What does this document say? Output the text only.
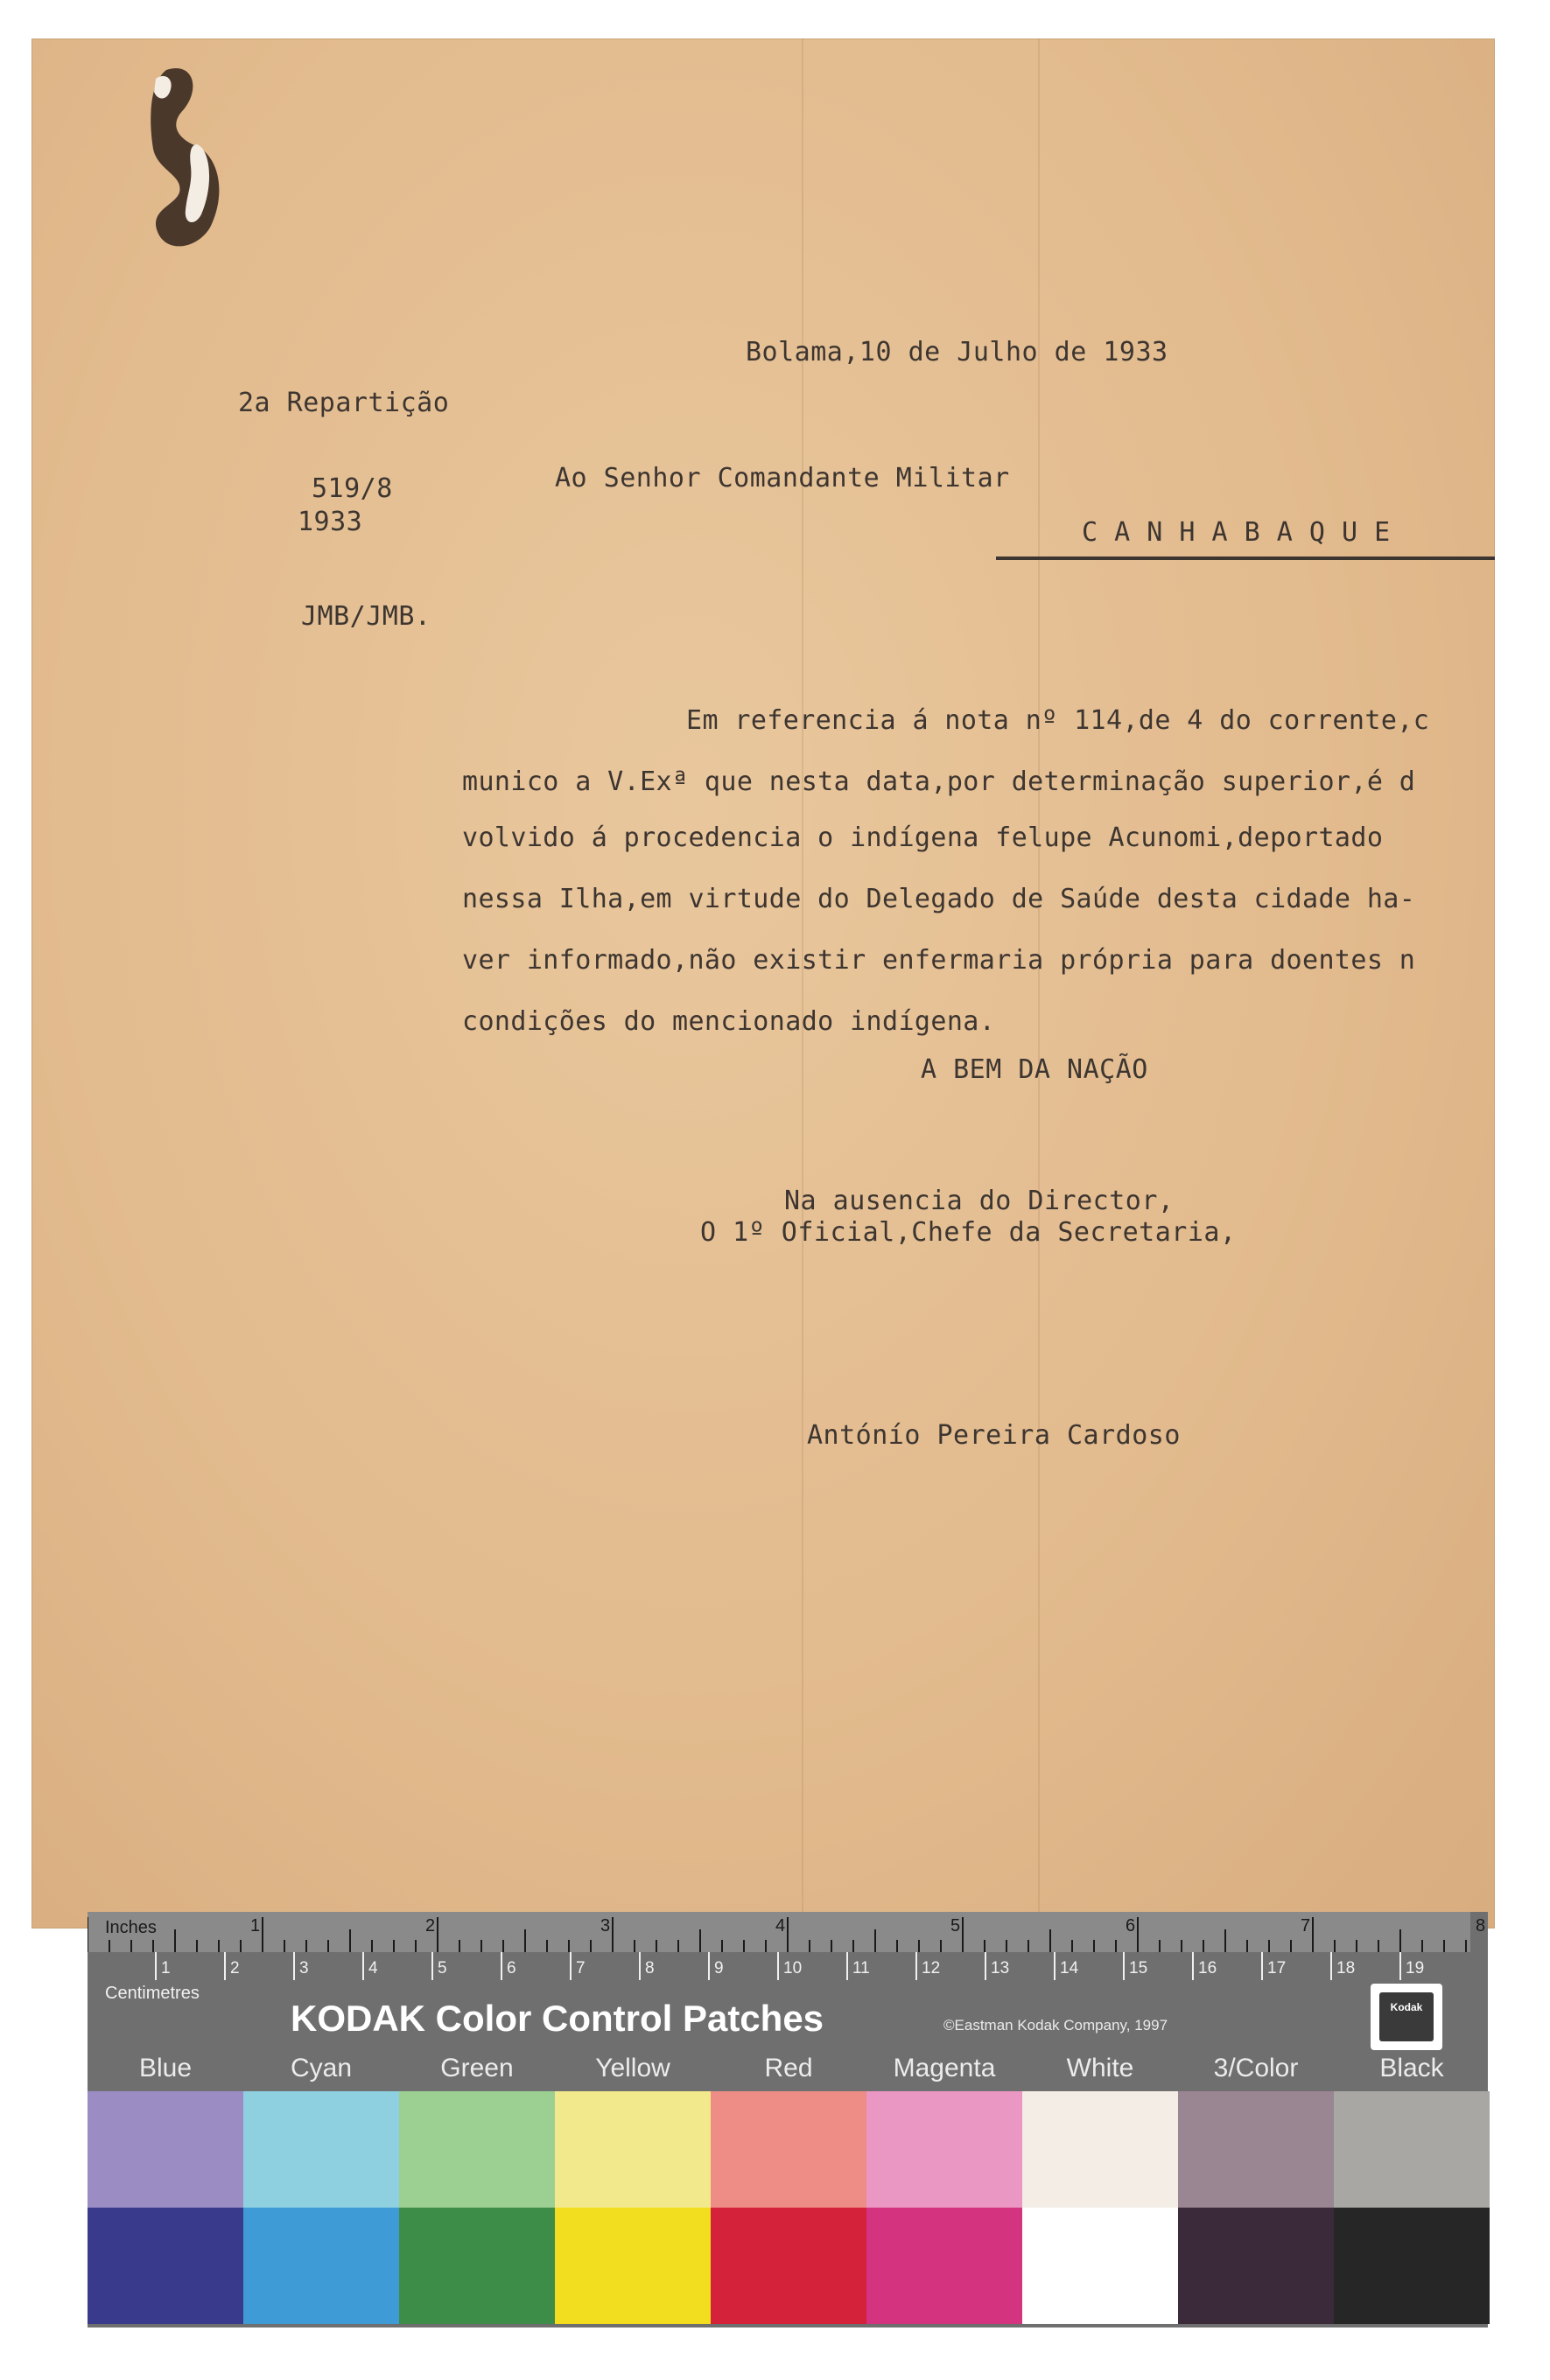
Bolama,10 de Julho de 1933
2a Repartição
519/8
1933
Ao Senhor Comandante Militar
C A N H A B A Q U E
JMB/JMB.
Em referencia á nota nº 114,de 4 do corrente,c
munico a V.Exª que nesta data,por determinação superior,é d
volvido á procedencia o indígena felupe Acunomi,deportado
nessa Ilha,em virtude do Delegado de Saúde desta cidade ha-
ver informado,não existir enfermaria própria para doentes n
condições do mencionado indígena.
A BEM DA NAÇÃO
Na ausencia do Director,
O 1º Oficial,Chefe da Secretaria,
Antónío Pereira Cardoso
Inches	1	2	3	4	5	6	7	8
1	2	3	4	5	6	7	8	9	10	11	12	13	14	15	16	17	18	19
Centimetres
KODAK Color Control Patches	©Eastman Kodak Company, 1997
Kodak
Blue	Cyan	Green	Yellow	Red	Magenta	White	3/Color	Black
